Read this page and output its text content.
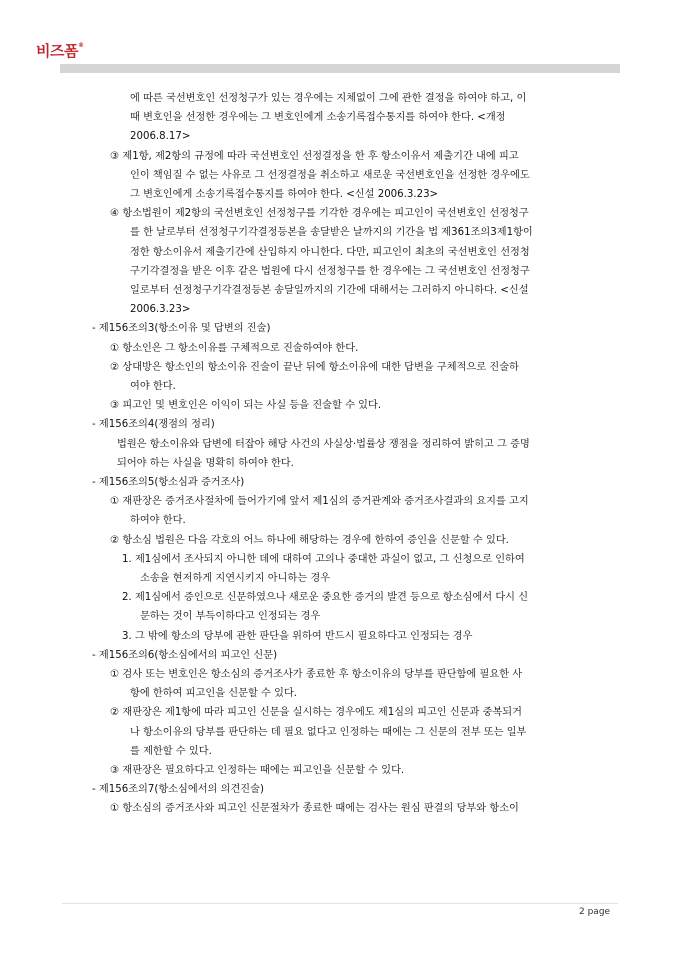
비즈폼®
에 따른 국선변호인 선정청구가 있는 경우에는 지체없이 그에 관한 결정을 하여야 하고, 이
때 변호인을 선정한 경우에는 그 변호인에게 소송기록접수통지를 하여야 한다. <개정
2006.8.17>
③ 제1항, 제2항의 규정에 따라 국선변호인 선정결정을 한 후 항소이유서 제출기간 내에 피고
인이 책임질 수 없는 사유로 그 선정결정을 취소하고 새로운 국선변호인을 선정한 경우에도
그 변호인에게 소송기록접수통지를 하여야 한다. <신설 2006.3.23>
④ 항소법원이 제2항의 국선변호인 선정청구를 기각한 경우에는 피고인이 국선변호인 선정청구
를 한 날로부터 선정청구기각결정등본을 송달받은 날까지의 기간을 법 제361조의3제1항이
정한 항소이유서 제출기간에 산입하지 아니한다. 다만, 피고인이 최초의 국선변호인 선정청
구기각결정을 받은 이후 같은 법원에 다시 선정청구를 한 경우에는 그 국선변호인 선정청구
일로부터 선정청구기각결정등본 송달일까지의 기간에 대해서는 그러하지 아니하다. <신설
2006.3.23>
- 제156조의3(항소이유 및 답변의 진술)
① 항소인은 그 항소이유를 구체적으로 진술하여야 한다.
② 상대방은 항소인의 항소이유 진술이 끝난 뒤에 항소이유에 대한 답변을 구체적으로 진술하
여야 한다.
③ 피고인 및 변호인은 이익이 되는 사실 등을 진술할 수 있다.
- 제156조의4(쟁점의 정리)
법원은 항소이유와 답변에 터잡아 해당 사건의 사실상·법률상 쟁점을 정리하여 밝히고 그 증명
되어야 하는 사실을 명확히 하여야 한다.
- 제156조의5(항소심과 증거조사)
① 재판장은 증거조사절차에 들어가기에 앞서 제1심의 증거관계와 증거조사결과의 요지를 고지
하여야 한다.
② 항소심 법원은 다음 각호의 어느 하나에 해당하는 경우에 한하여 증인을 신문할 수 있다.
1. 제1심에서 조사되지 아니한 데에 대하여 고의나 중대한 과실이 없고, 그 신청으로 인하여
소송을 현저하게 지연시키지 아니하는 경우
2. 제1심에서 증인으로 신문하였으나 새로운 중요한 증거의 발견 등으로 항소심에서 다시 신
문하는 것이 부득이하다고 인정되는 경우
3. 그 밖에 항소의 당부에 관한 판단을 위하여 반드시 필요하다고 인정되는 경우
- 제156조의6(항소심에서의 피고인 신문)
① 검사 또는 변호인은 항소심의 증거조사가 종료한 후 항소이유의 당부를 판단함에 필요한 사
항에 한하여 피고인을 신문할 수 있다.
② 재판장은 제1항에 따라 피고인 신문을 실시하는 경우에도 제1심의 피고인 신문과 중복되거
나 항소이유의 당부를 판단하는 데 필요 없다고 인정하는 때에는 그 신문의 전부 또는 일부
를 제한할 수 있다.
③ 재판장은 필요하다고 인정하는 때에는 피고인을 신문할 수 있다.
- 제156조의7(항소심에서의 의견진술)
① 항소심의 증거조사와 피고인 신문절차가 종료한 때에는 검사는 원심 판결의 당부와 항소이
2 page
